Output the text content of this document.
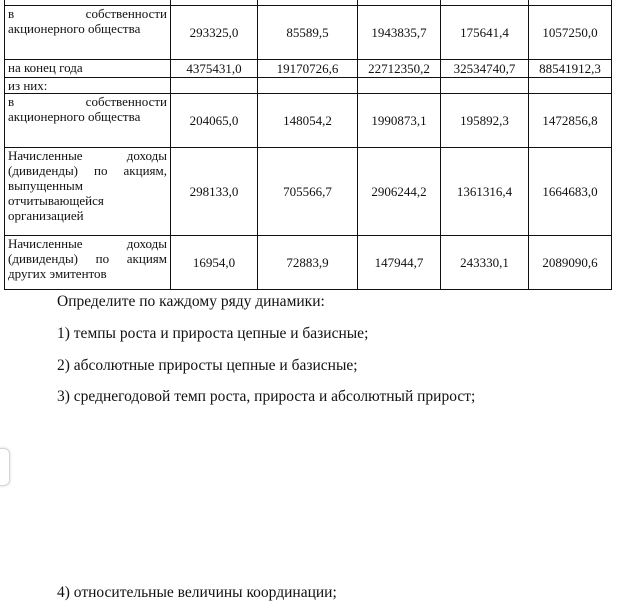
в собственности акционерного общества	293325,0	85589,5	1943835,7	175641,4	1057250,0
на конец года	4375431,0	19170726,6	22712350,2	32534740,7	88541912,3
из них:					
в собственности акционерного общества	204065,0	148054,2	1990873,1	195892,3	1472856,8
Начисленные доходы (дивиденды) по акциям, выпущенным отчитывающейся организацией	298133,0	705566,7	2906244,2	1361316,4	1664683,0
Начисленные доходы (дивиденды) по акциям других эмитентов	16954,0	72883,9	147944,7	243330,1	2089090,6
Определите по каждому ряду динамики:
1) темпы роста и прироста цепные и базисные;
2) абсолютные приросты цепные и базисные;
3) среднегодовой темп роста, прироста и абсолютный прирост;
4) относительные величины координации;
